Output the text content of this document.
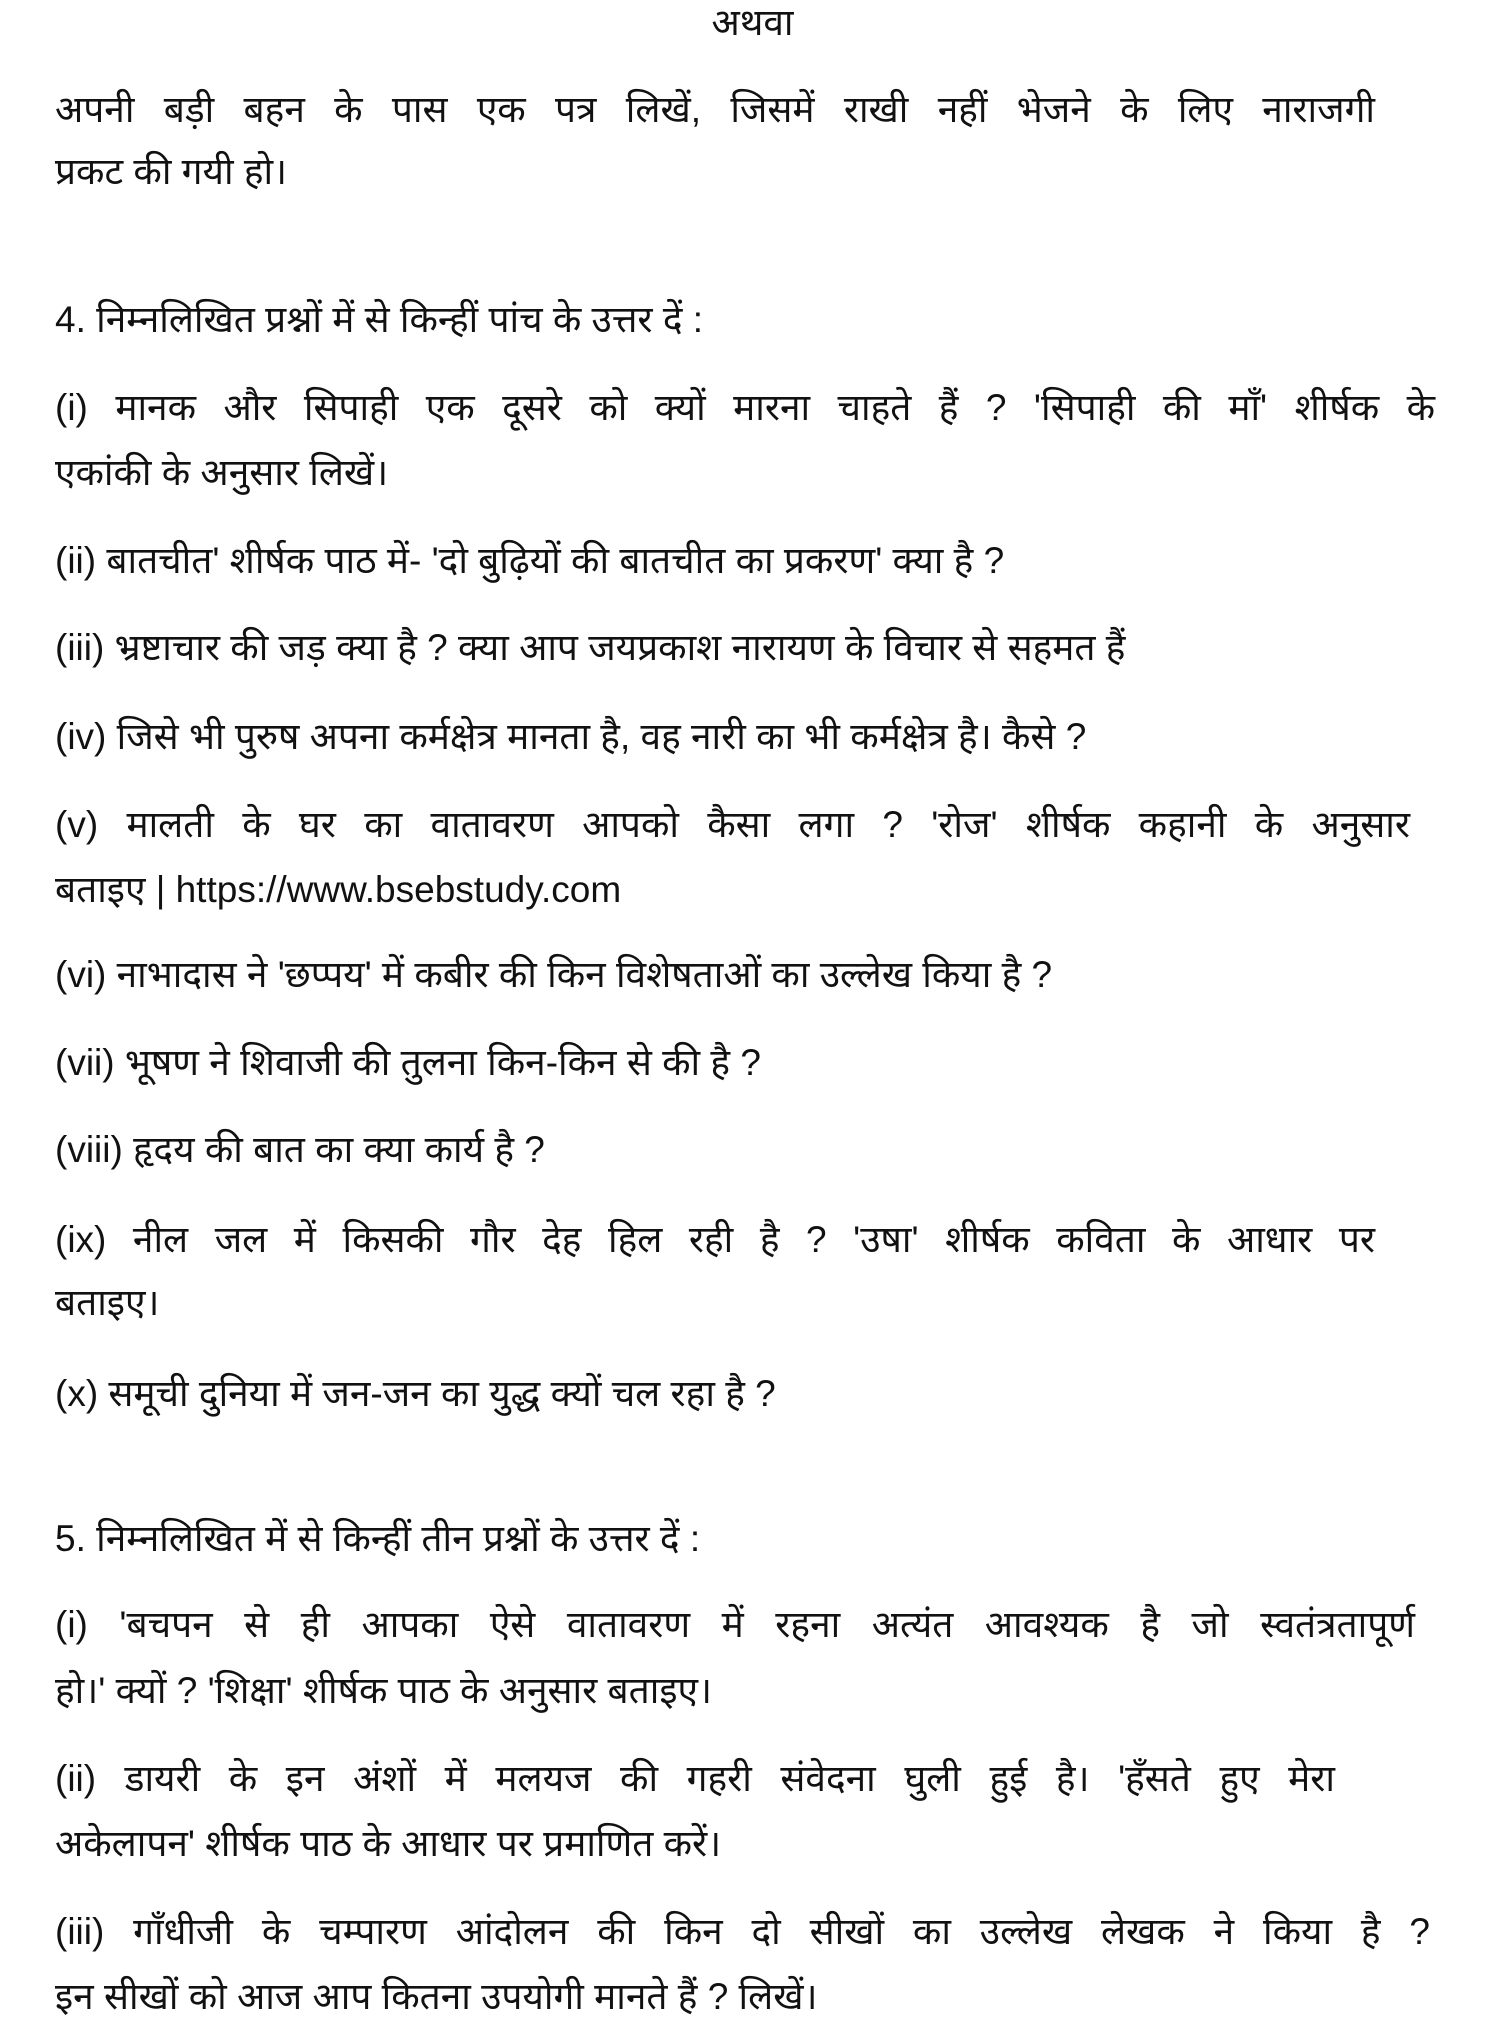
अथवा
अपनी बड़ी बहन के पास एक पत्र लिखें, जिसमें राखी नहीं भेजने के लिए नाराजगी
प्रकट की गयी हो।
4. निम्नलिखित प्रश्नों में से किन्हीं पांच के उत्तर दें :
(i) मानक और सिपाही एक दूसरे को क्यों मारना चाहते हैं ? 'सिपाही की माँ' शीर्षक के
एकांकी के अनुसार लिखें।
(ii) बातचीत' शीर्षक पाठ में- 'दो बुढ़ियों की बातचीत का प्रकरण' क्या है ?
(iii) भ्रष्टाचार की जड़ क्या है ? क्या आप जयप्रकाश नारायण के विचार से सहमत हैं
(iv) जिसे भी पुरुष अपना कर्मक्षेत्र मानता है, वह नारी का भी कर्मक्षेत्र है। कैसे ?
(v) मालती के घर का वातावरण आपको कैसा लगा ? 'रोज' शीर्षक कहानी के अनुसार
बताइए | https://www.bsebstudy.com
(vi) नाभादास ने 'छप्पय' में कबीर की किन विशेषताओं का उल्लेख किया है ?
(vii) भूषण ने शिवाजी की तुलना किन-किन से की है ?
(viii) हृदय की बात का क्या कार्य है ?
(ix) नील जल में किसकी गौर देह हिल रही है ? 'उषा' शीर्षक कविता के आधार पर
बताइए।
(x) समूची दुनिया में जन-जन का युद्ध क्यों चल रहा है ?
5. निम्नलिखित में से किन्हीं तीन प्रश्नों के उत्तर दें :
(i) 'बचपन से ही आपका ऐसे वातावरण में रहना अत्यंत आवश्यक है जो स्वतंत्रतापूर्ण
हो।' क्यों ? 'शिक्षा' शीर्षक पाठ के अनुसार बताइए।
(ii) डायरी के इन अंशों में मलयज की गहरी संवेदना घुली हुई है। 'हँसते हुए मेरा
अकेलापन' शीर्षक पाठ के आधार पर प्रमाणित करें।
(iii) गाँधीजी के चम्पारण आंदोलन की किन दो सीखों का उल्लेख लेखक ने किया है ?
इन सीखों को आज आप कितना उपयोगी मानते हैं ? लिखें।
